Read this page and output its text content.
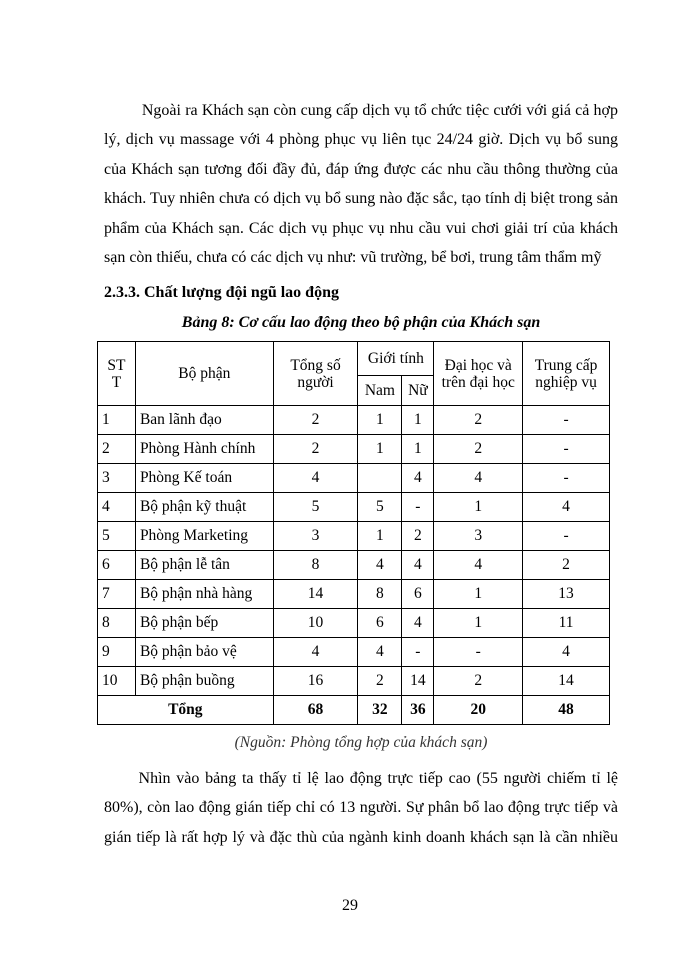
Ngoài ra Khách sạn còn cung cấp dịch vụ tổ chức tiệc cưới với giá cả hợp
lý, dịch vụ massage với 4 phòng phục vụ liên tục 24/24 giờ. Dịch vụ bổ sung
của Khách sạn tương đối đầy đủ, đáp ứng được các nhu cầu thông thường của
khách. Tuy nhiên chưa có dịch vụ bổ sung nào đặc sắc, tạo tính dị biệt trong sản
phẩm của Khách sạn. Các dịch vụ phục vụ nhu cầu vui chơi giải trí của khách
sạn còn thiếu, chưa có các dịch vụ như: vũ trường, bể bơi, trung tâm thẩm mỹ

2.3.3. Chất lượng đội ngũ lao động

Bảng 8: Cơ cấu lao động theo bộ phận của Khách sạn

ST T	Bộ phận	Tổng số người	Giới tính		Đại học và trên đại học	Trung cấp nghiệp vụ
			Nam	Nữ		
1	Ban lãnh đạo	2	1	1	2	-
2	Phòng Hành chính	2	1	1	2	-
3	Phòng Kế toán	4		4	4	-
4	Bộ phận kỹ thuật	5	5	-	1	4
5	Phòng Marketing	3	1	2	3	-
6	Bộ phận lễ tân	8	4	4	4	2
7	Bộ phận nhà hàng	14	8	6	1	13
8	Bộ phận bếp	10	6	4	1	11
9	Bộ phận bảo vệ	4	4	-	-	4
10	Bộ phận buồng	16	2	14	2	14
Tổng		68	32	36	20	48

(Nguồn: Phòng tổng hợp của khách sạn)

Nhìn vào bảng ta thấy tỉ lệ lao động trực tiếp cao (55 người chiếm tỉ lệ
80%), còn lao động gián tiếp chỉ có 13 người. Sự phân bổ lao động trực tiếp và
gián tiếp là rất hợp lý và đặc thù của ngành kinh doanh khách sạn là cần nhiều

29
